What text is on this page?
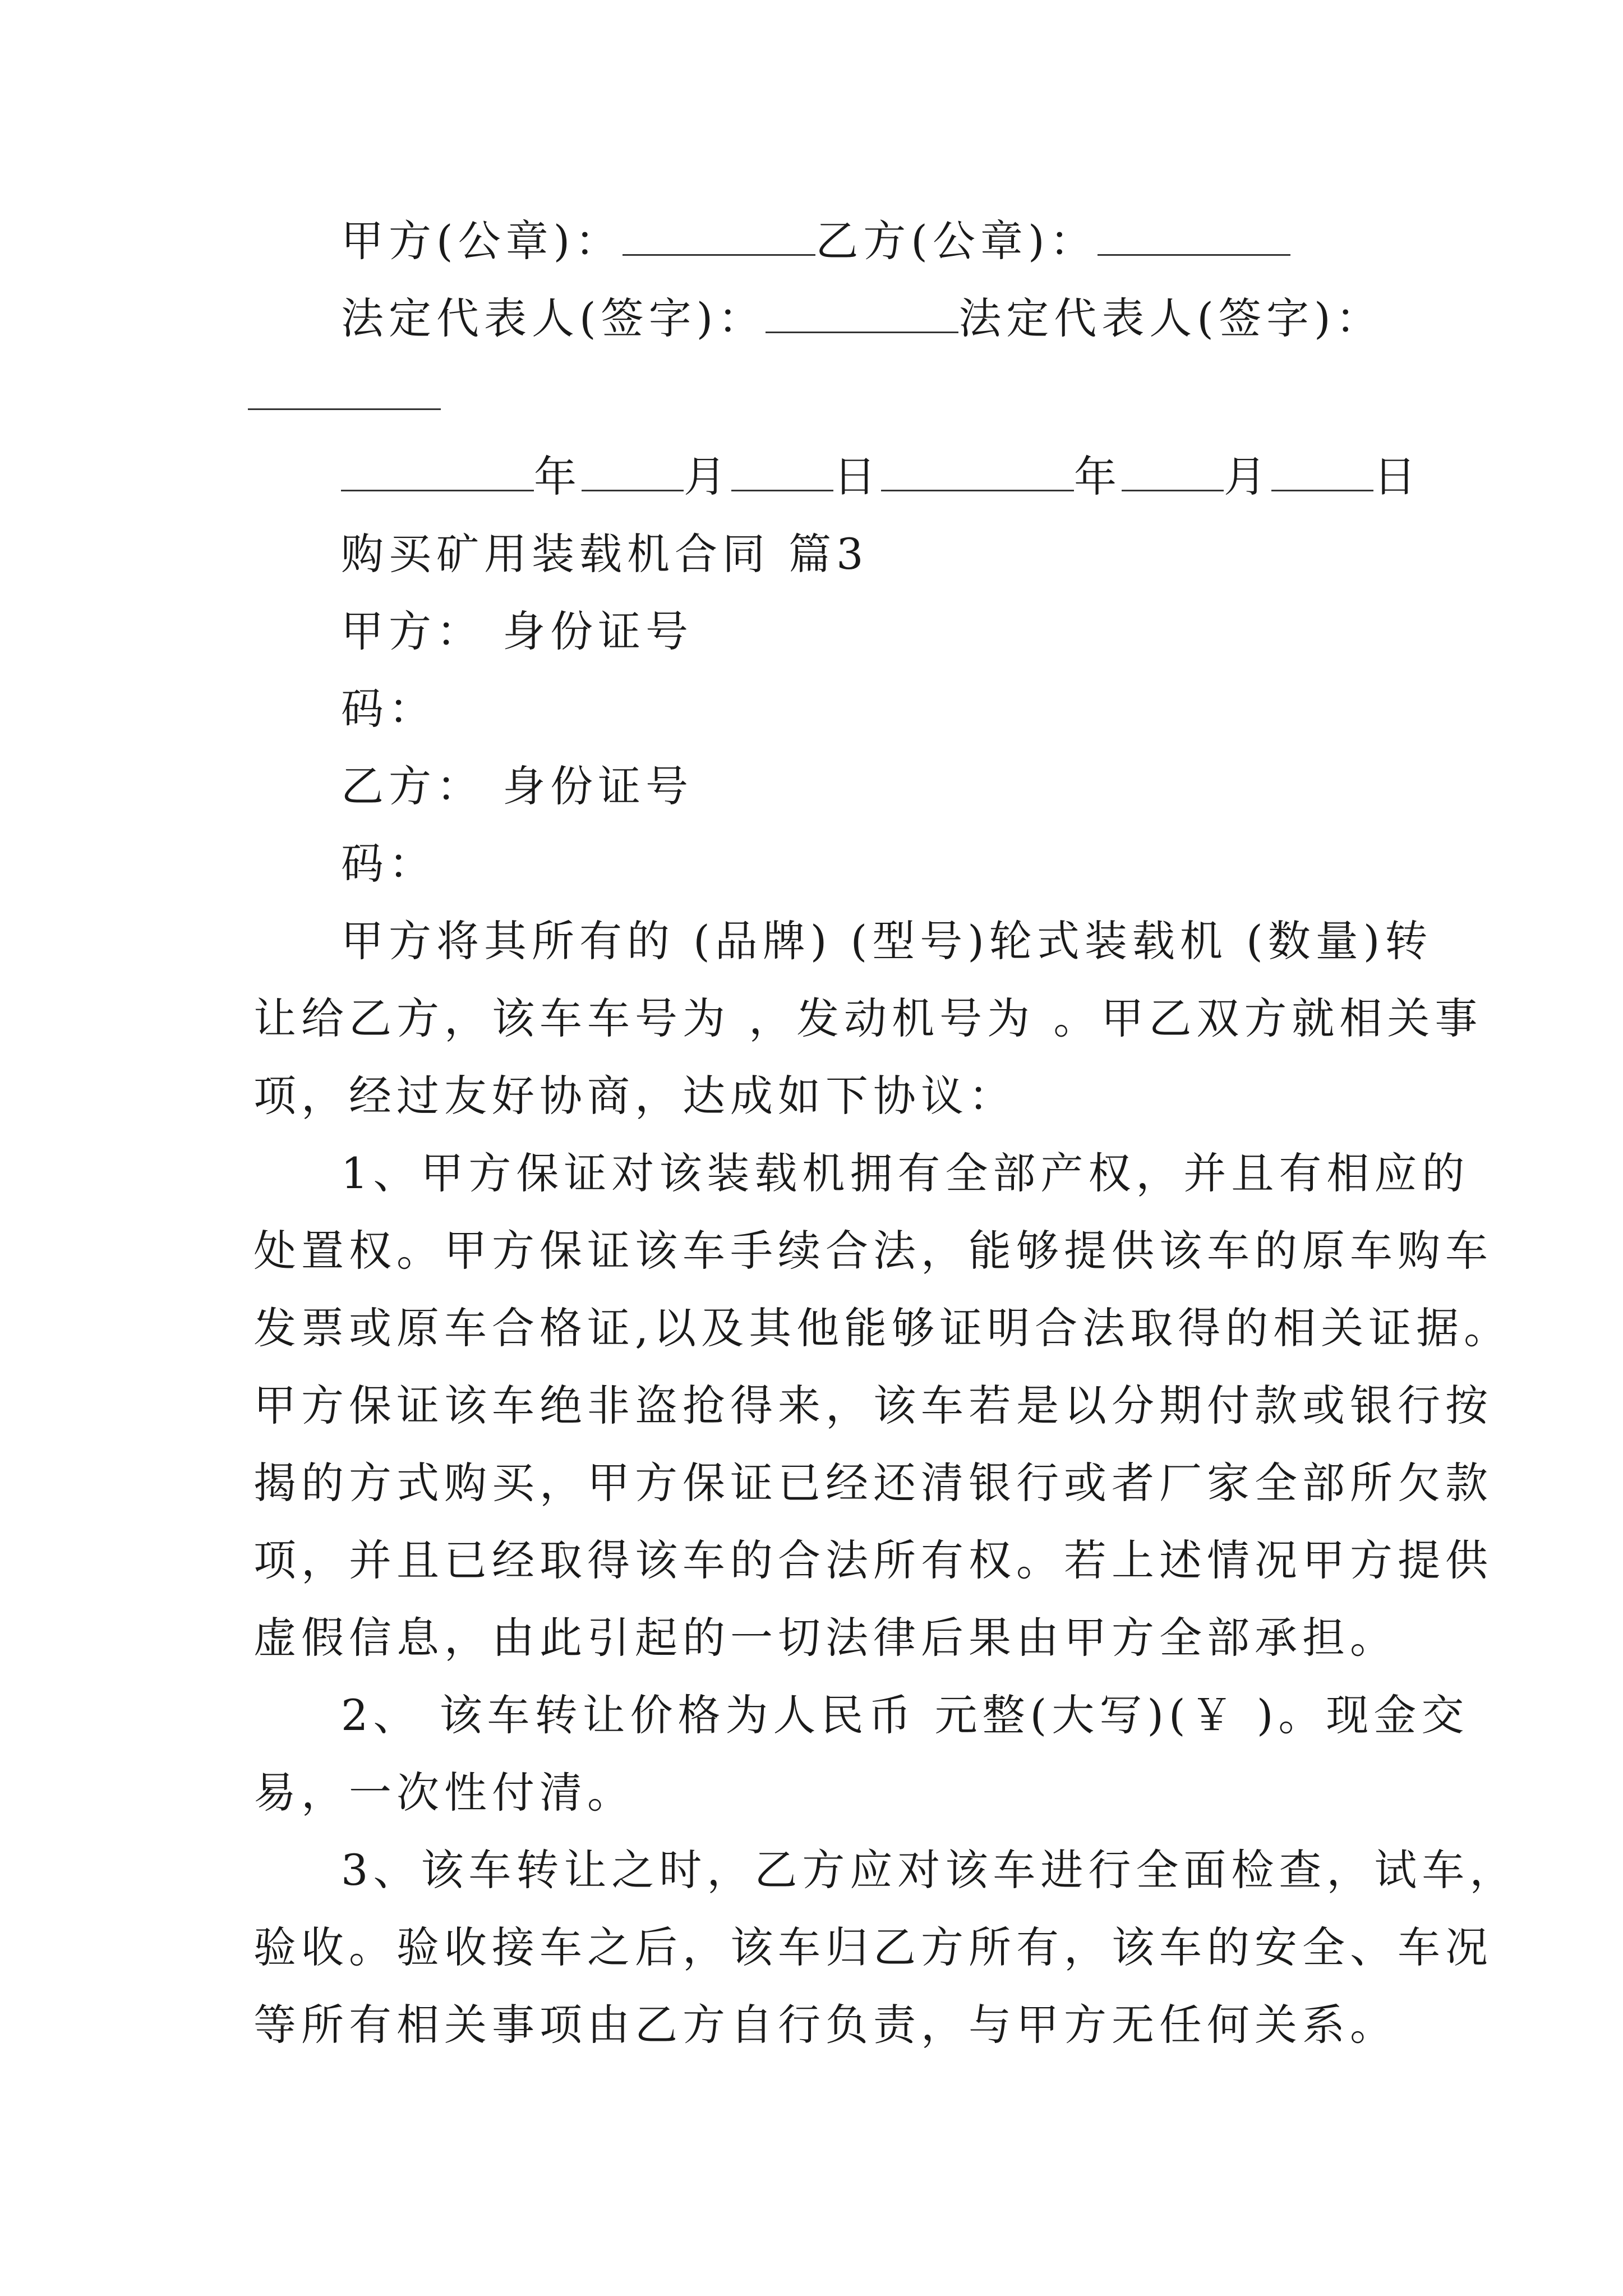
甲方(公章)：	乙方(公章)：
法定代表人(签字)：	法定代表人(签字)：
年 月 日	年 月 日
购买矿用装载机合同 篇3
甲方： 身份证号
码：
乙方： 身份证号
码：
甲方将其所有的 (品牌) (型号)轮式装载机 (数量)转
让给乙方，该车车号为 ，发动机号为 。甲乙双方就相关事
项，经过友好协商，达成如下协议：
1、甲方保证对该装载机拥有全部产权，并且有相应的
处置权。甲方保证该车手续合法，能够提供该车的原车购车
发票或原车合格证,以及其他能够证明合法取得的相关证据。
甲方保证该车绝非盗抢得来，该车若是以分期付款或银行按
揭的方式购买，甲方保证已经还清银行或者厂家全部所欠款
项，并且已经取得该车的合法所有权。若上述情况甲方提供
虚假信息，由此引起的一切法律后果由甲方全部承担。
2、 该车转让价格为人民币 元整(大写)(￥ )。现金交
易，一次性付清。
3、该车转让之时，乙方应对该车进行全面检查，试车，
验收。验收接车之后，该车归乙方所有，该车的安全、车况
等所有相关事项由乙方自行负责，与甲方无任何关系。
